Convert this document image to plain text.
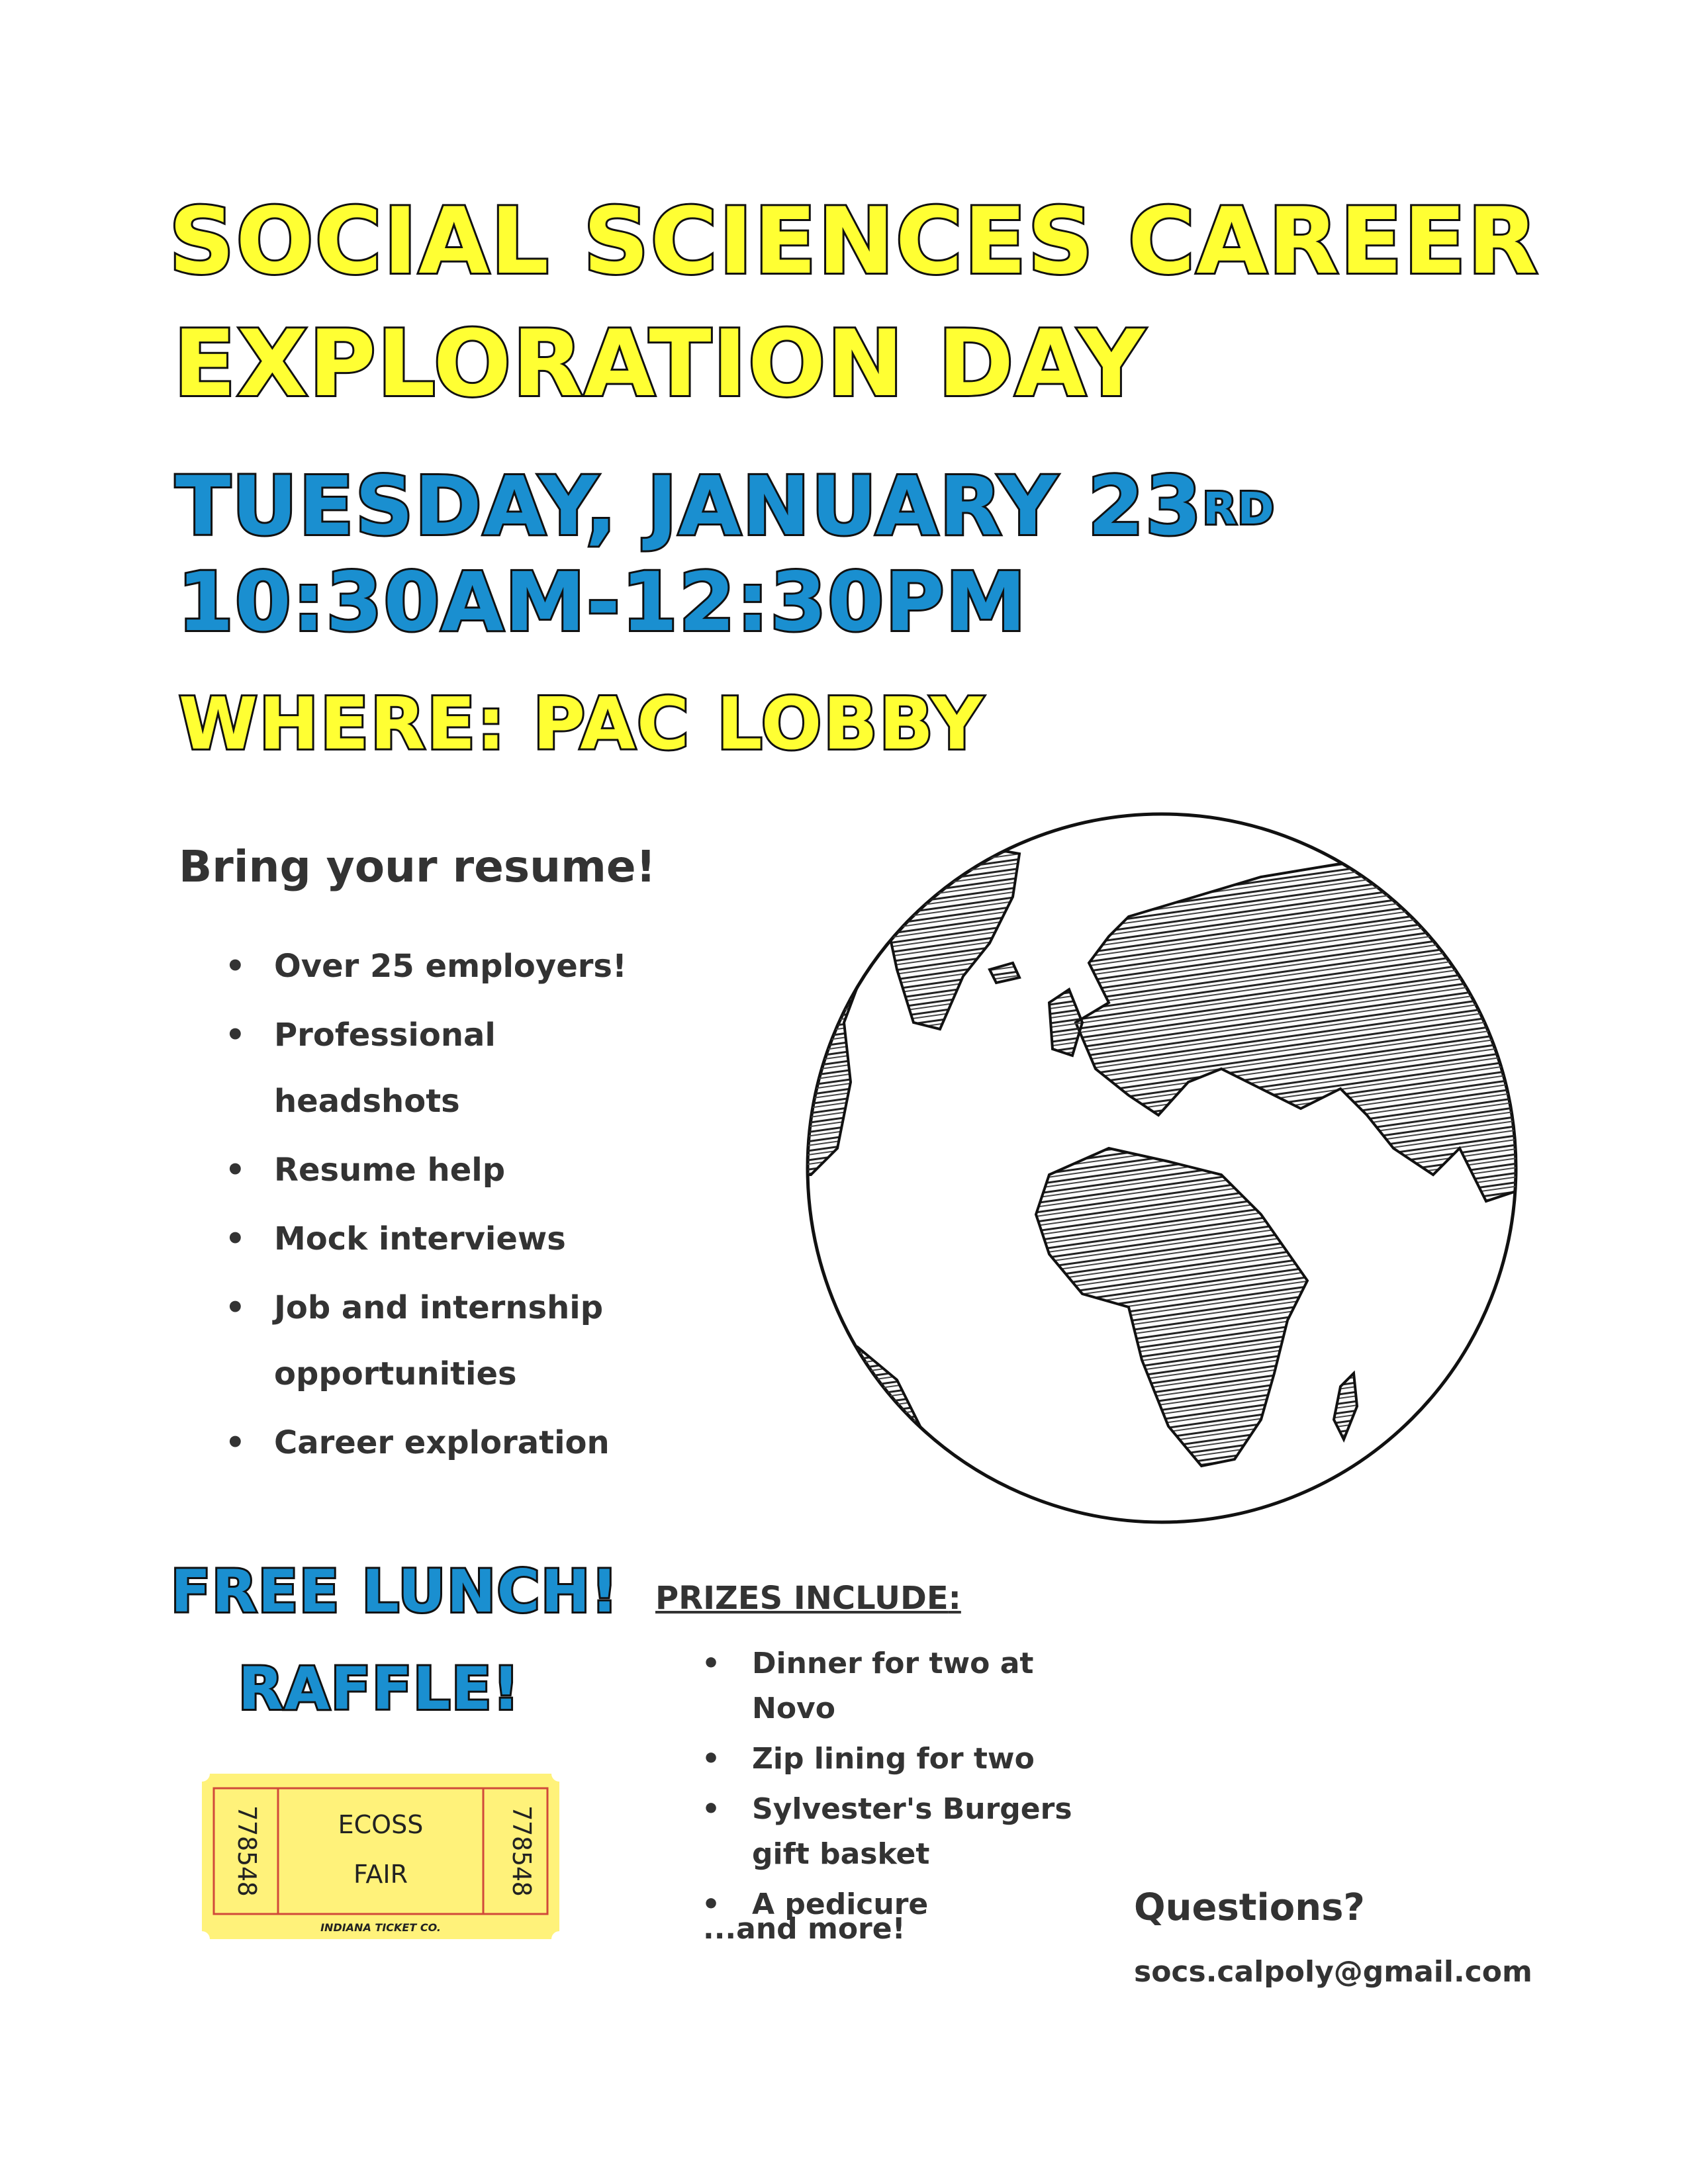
SOCIAL SCIENCES CAREER
EXPLORATION DAY
TUESDAY, JANUARY 23RD
10:30AM-12:30PM
WHERE: PAC LOBBY
Bring your resume!
• Over 25 employers!
• Professional headshots
• Resume help
• Mock interviews
• Job and internship opportunities
• Career exploration
FREE LUNCH!
RAFFLE!
778548	778548
ECOSS
FAIR
INDIANA TICKET CO.
PRIZES INCLUDE:
• Dinner for two at Novo
• Zip lining for two
• Sylvester's Burgers gift basket
• A pedicure
...and more!	Questions?
socs.calpoly@gmail.com
